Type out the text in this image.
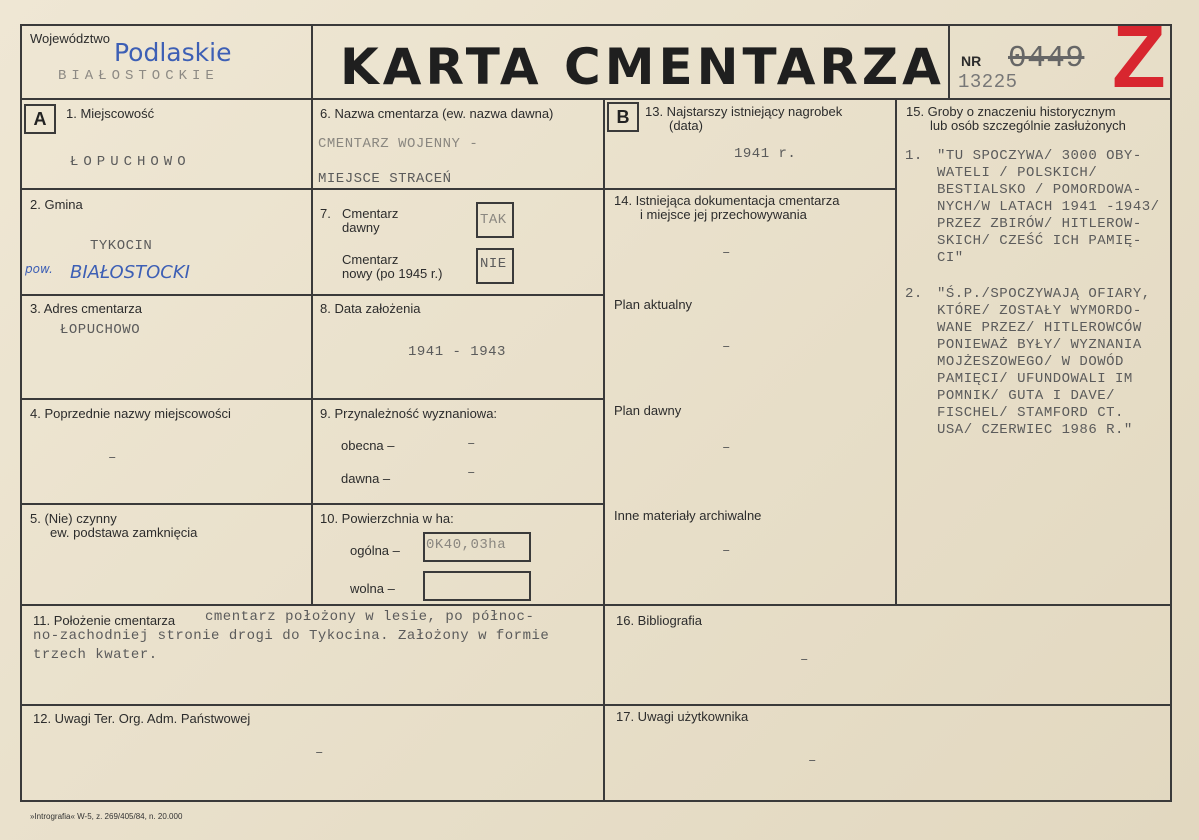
Województwo Podlaskie
BIAŁOSTOCKIE KARTA CMENTARZA NR 0449
13225 Z
A	1. Miejscowość
ŁOPUCHOWO
2. Gmina
TYKOCIN
pow. BIAŁOSTOCKI
3. Adres cmentarza
ŁOPUCHOWO
4. Poprzednie nazwy miejscowości
–
5. (Nie) czynny
ew. podstawa zamknięcia
6. Nazwa cmentarza (ew. nazwa dawna)
CMENTARZ WOJENNY -
MIEJSCE STRACEŃ
7. Cmentarz
dawny	TAK
Cmentarz
nowy (po 1945 r.)
NIE
8. Data założenia
1941 - 1943
9. Przynależność wyznaniowa:
obecna –	–
dawna –	–
10. Powierzchnia w ha:
ogólna – 0K40,03ha
wolna –
B	13. Najstarszy istniejący nagrobek
(data)
1941 r.
14. Istniejąca dokumentacja cmentarza
i miejsce jej przechowywania
–
Plan aktualny
–
Plan dawny
–
Inne materiały archiwalne
–
15. Groby o znaczeniu historycznym
lub osób szczególnie zasłużonych
1. "TU SPOCZYWA/ 3000 OBY-
WATELI / POLSKICH/
BESTIALSKO / POMORDOWA-
NYCH/W LATACH 1941 -1943/
PRZEZ ZBIRÓW/ HITLEROW-
SKICH/ CZEŚĆ ICH PAMIĘ-
CI"
2. "Ś.P./SPOCZYWAJĄ OFIARY,
KTÓRE/ ZOSTAŁY WYMORDO-
WANE PRZEZ/ HITLEROWCÓW
PONIEWAŻ BYŁY/ WYZNANIA
MOJŻESZOWEGO/ W DOWÓD
PAMIĘCI/ UFUNDOWALI IM
POMNIK/ GUTA I DAVE/
FISCHEL/ STAMFORD CT.
USA/ CZERWIEC 1986 R."
11. Położenie cmentarza cmentarz położony w lesie, po północ-
no-zachodniej stronie drogi do Tykocina. Założony w formie
trzech kwater.
16. Bibliografia
–
12. Uwagi Ter. Org. Adm. Państwowej
–
17. Uwagi użytkownika
–
»Intrografia« W-5, z. 269/405/84, n. 20.000
